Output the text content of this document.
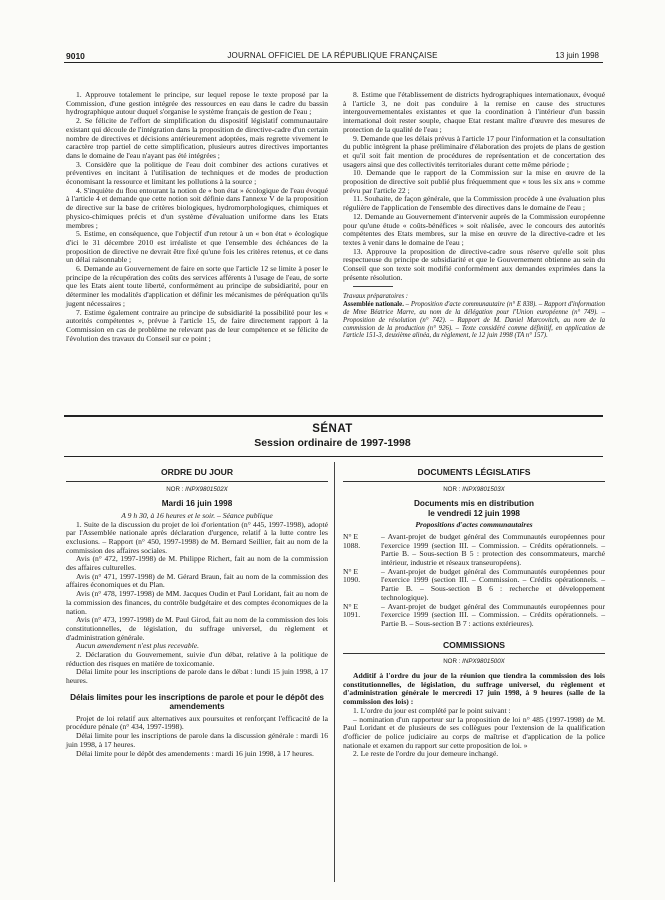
9010	JOURNAL OFFICIEL DE LA RÉPUBLIQUE FRANÇAISE	13 juin 1998

1. Approuve totalement le principe, sur lequel repose le texte proposé par la Commission, d'une gestion intégrée des ressources en eau dans le cadre du bassin hydrographique autour duquel s'organise le système français de gestion de l'eau ;

2. Se félicite de l'effort de simplification du dispositif législatif communautaire existant qui découle de l'intégration dans la proposition de directive-cadre d'un certain nombre de directives et décisions antérieurement adoptées, mais regrette vivement le caractère trop partiel de cette simplification, plusieurs autres directives importantes dans le domaine de l'eau n'ayant pas été intégrées ;

3. Considère que la politique de l'eau doit combiner des actions curatives et préventives en incitant à l'utilisation de techniques et de modes de production économisant la ressource et limitant les pollutions à la source ;

4. S'inquiète du flou entourant la notion de « bon état » écologique de l'eau évoqué à l'article 4 et demande que cette notion soit définie dans l'annexe V de la proposition de directive sur la base de critères biologiques, hydromorphologiques, chimiques et physico-chimiques précis et d'un système d'évaluation uniforme dans les Etats membres ;

5. Estime, en conséquence, que l'objectif d'un retour à un « bon état » écologique d'ici le 31 décembre 2010 est irréaliste et que l'ensemble des échéances de la proposition de directive ne devrait être fixé qu'une fois les critères retenus, et ce dans un délai raisonnable ;

6. Demande au Gouvernement de faire en sorte que l'article 12 se limite à poser le principe de la récupération des coûts des services afférents à l'usage de l'eau, de sorte que les Etats aient toute liberté, conformément au principe de subsidiarité, pour en déterminer les modalités d'application et définir les mécanismes de péréquation qu'ils jugent nécessaires ;

7. Estime également contraire au principe de subsidiarité la possibilité pour les « autorités compétentes », prévue à l'article 15, de faire directement rapport à la Commission en cas de problème ne relevant pas de leur compétence et se félicite de l'évolution des travaux du Conseil sur ce point ;

8. Estime que l'établissement de districts hydrographiques internationaux, évoqué à l'article 3, ne doit pas conduire à la remise en cause des structures intergouvernementales existantes et que la coordination à l'intérieur d'un bassin international doit rester souple, chaque Etat restant maître d'œuvre des mesures de protection de la qualité de l'eau ;

9. Demande que les délais prévus à l'article 17 pour l'information et la consultation du public intègrent la phase préliminaire d'élaboration des projets de plans de gestion et qu'il soit fait mention de procédures de représentation et de concertation des usagers ainsi que des collectivités territoriales durant cette même période ;

10. Demande que le rapport de la Commission sur la mise en œuvre de la proposition de directive soit publié plus fréquemment que « tous les six ans » comme prévu par l'article 22 ;

11. Souhaite, de façon générale, que la Commission procède à une évaluation plus régulière de l'application de l'ensemble des directives dans le domaine de l'eau ;

12. Demande au Gouvernement d'intervenir auprès de la Commission européenne pour qu'une étude « coûts-bénéfices » soit réalisée, avec le concours des autorités compétentes des Etats membres, sur la mise en œuvre de la directive-cadre et les textes à venir dans le domaine de l'eau ;

13. Approuve la proposition de directive-cadre sous réserve qu'elle soit plus respectueuse du principe de subsidiarité et que le Gouvernement obtienne au sein du Conseil que son texte soit modifié conformément aux demandes exprimées dans la présente résolution.

Travaux préparatoires :
Assemblée nationale. – Proposition d'acte communautaire (n° E 838). – Rapport d'information de Mme Béatrice Marre, au nom de la délégation pour l'Union européenne (n° 749). – Proposition de résolution (n° 742). – Rapport de M. Daniel Marcovitch, au nom de la commission de la production (n° 926). – Texte considéré comme définitif, en application de l'article 151-3, deuxième alinéa, du règlement, le 12 juin 1998 (TA n° 157).
SÉNAT
Session ordinaire de 1997-1998
ORDRE DU JOUR
NOR : INPX9801502X
Mardi 16 juin 1998

A 9 h 30, à 16 heures et le soir. – Séance publique

1. Suite de la discussion du projet de loi d'orientation (n° 445, 1997-1998), adopté par l'Assemblée nationale après déclaration d'urgence, relatif à la lutte contre les exclusions. – Rapport (n° 450, 1997-1998) de M. Bernard Seillier, fait au nom de la commission des affaires sociales.

Avis (n° 472, 1997-1998) de M. Philippe Richert, fait au nom de la commission des affaires culturelles.

Avis (n° 471, 1997-1998) de M. Gérard Braun, fait au nom de la commission des affaires économiques et du Plan.

Avis (n° 478, 1997-1998) de MM. Jacques Oudin et Paul Loridant, fait au nom de la commission des finances, du contrôle budgétaire et des comptes économiques de la nation.

Avis (n° 473, 1997-1998) de M. Paul Girod, fait au nom de la commission des lois constitutionnelles, de législation, du suffrage universel, du règlement et d'administration générale.

Aucun amendement n'est plus recevable.

2. Déclaration du Gouvernement, suivie d'un débat, relative à la politique de réduction des risques en matière de toxicomanie.

Délai limite pour les inscriptions de parole dans le débat : lundi 15 juin 1998, à 17 heures.

Délais limites pour les inscriptions de parole et pour le dépôt des amendements

Projet de loi relatif aux alternatives aux poursuites et renforçant l'efficacité de la procédure pénale (n° 434, 1997-1998).

Délai limite pour les inscriptions de parole dans la discussion générale : mardi 16 juin 1998, à 17 heures.

Délai limite pour le dépôt des amendements : mardi 16 juin 1998, à 17 heures.

DOCUMENTS LÉGISLATIFS
NOR : INPX9801503X
Documents mis en distribution
le vendredi 12 juin 1998
Propositions d'actes communautaires
N° E 1088.
– Avant-projet de budget général des Communautés européennes pour l'exercice 1999 (section III. – Commission. – Crédits opérationnels. – Partie B. – Sous-section B 5 : protection des consommateurs, marché intérieur, industrie et réseaux transeuropéens).
N° E 1090.
– Avant-projet de budget général des Communautés européennes pour l'exercice 1999 (section III. – Commission. – Crédits opérationnels. – Partie B. – Sous-section B 6 : recherche et développement technologique).
N° E 1091.
– Avant-projet de budget général des Communautés européennes pour l'exercice 1999 (section III. – Commission. – Crédits opérationnels. – Partie B. – Sous-section B 7 : actions extérieures).
COMMISSIONS
NOR : INPX9801500X

Additif à l'ordre du jour de la réunion que tiendra la commission des lois constitutionnelles, de législation, du suffrage universel, du règlement et d'administration générale le mercredi 17 juin 1998, à 9 heures (salle de la commission des lois) :

1. L'ordre du jour est complété par le point suivant :

– nomination d'un rapporteur sur la proposition de loi n° 485 (1997-1998) de M. Paul Loridant et de plusieurs de ses collègues pour l'extension de la qualification d'officier de police judiciaire au corps de maîtrise et d'application de la police nationale et examen du rapport sur cette proposition de loi. »

2. Le reste de l'ordre du jour demeure inchangé.
